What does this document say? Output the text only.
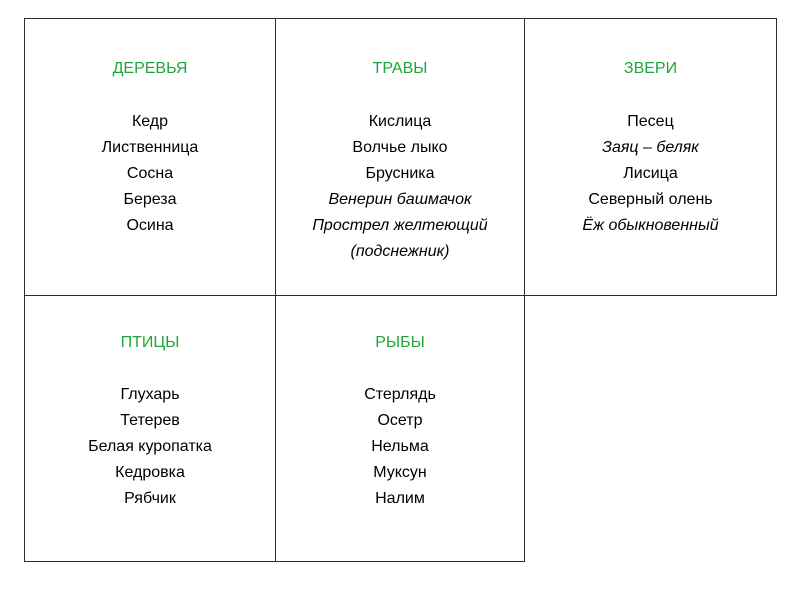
ДЕРЕВЬЯ
Кедр
Лиственница
Сосна
Береза
Осина
ТРАВЫ
Кислица
Волчье лыко
Брусника
Венерин башмачок
Прострел желтеющий
(подснежник)
ЗВЕРИ
Песец
Заяц – беляк
Лисица
Северный олень
Ёж обыкновенный
ПТИЦЫ
Глухарь
Тетерев
Белая куропатка
Кедровка
Рябчик
РЫБЫ
Стерлядь
Осетр
Нельма
Муксун
Налим
